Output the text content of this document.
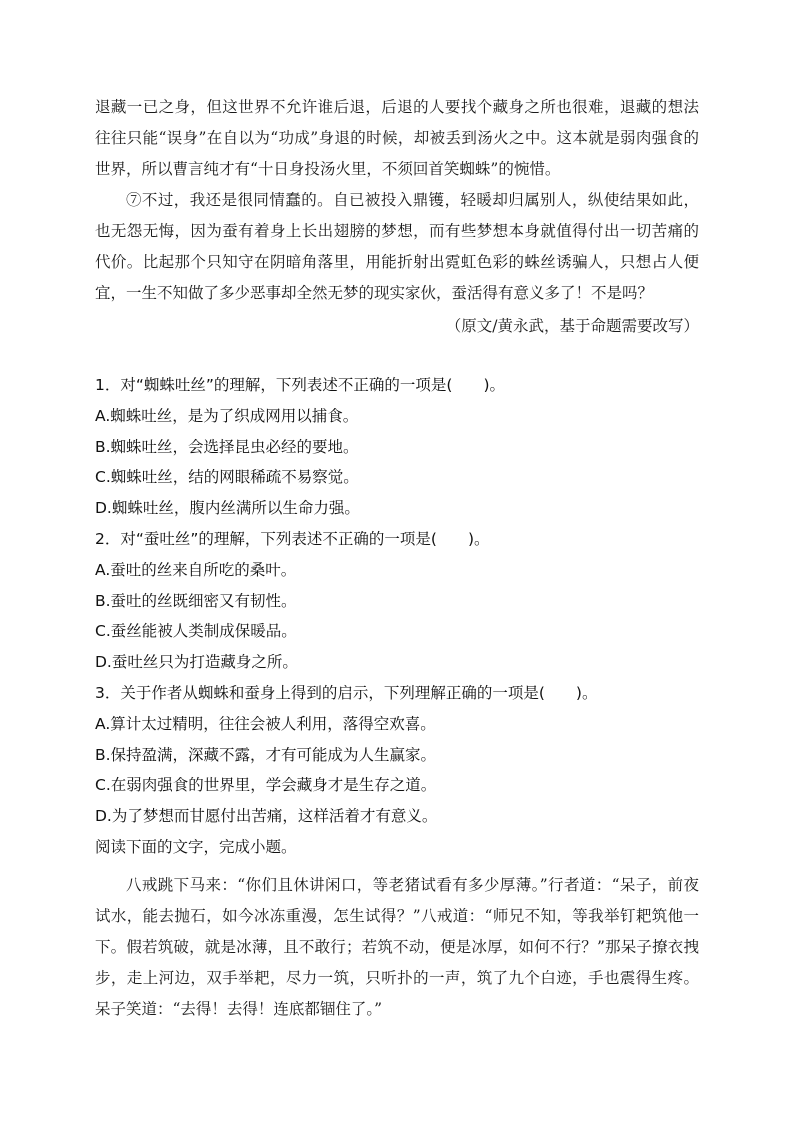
退藏一已之身，但这世界不允许谁后退，后退的人要找个藏身之所也很难，退藏的想法往往只能“误身”在自以为“功成”身退的时候，却被丢到汤火之中。这本就是弱肉强食的世界，所以曹言纯才有“十日身投汤火里，不须回首笑蜘蛛”的惋惜。

⑦不过，我还是很同情蠢的。自已被投入鼎镬，轻暖却归属别人，纵使结果如此，也无怨无悔，因为蚕有着身上长出翅膀的梦想，而有些梦想本身就值得付出一切苦痛的代价。比起那个只知守在阴暗角落里，用能折射出霓虹色彩的蛛丝诱骗人，只想占人便宜，一生不知做了多少恶事却全然无梦的现实家伙，蚕活得有意义多了！不是吗？

（原文/黄永武，基于命题需要改写）

1．对“蜘蛛吐丝”的理解，下列表述不正确的一项是(　　)。
A.蜘蛛吐丝，是为了织成网用以捕食。
B.蜘蛛吐丝，会选择昆虫必经的要地。
C.蜘蛛吐丝，结的网眼稀疏不易察觉。
D.蜘蛛吐丝，腹内丝满所以生命力强。
2．对“蚕吐丝”的理解，下列表述不正确的一项是(　　)。
A.蚕吐的丝来自所吃的桑叶。
B.蚕吐的丝既细密又有韧性。
C.蚕丝能被人类制成保暖品。
D.蚕吐丝只为打造藏身之所。
3．关于作者从蜘蛛和蚕身上得到的启示，下列理解正确的一项是(　　)。
A.算计太过精明，往往会被人利用，落得空欢喜。
B.保持盈满，深藏不露，才有可能成为人生赢家。
C.在弱肉强食的世界里，学会藏身才是生存之道。
D.为了梦想而甘愿付出苦痛，这样活着才有意义。
阅读下面的文字，完成小题。

八戒跳下马来：“你们且休讲闲口，等老猪试看有多少厚薄。”行者道：“呆子，前夜试水，能去抛石，如今冰冻重漫，怎生试得？”八戒道：“师兄不知，等我举钉耙筑他一下。假若筑破，就是冰薄，且不敢行；若筑不动，便是冰厚，如何不行？”那呆子撩衣拽步，走上河边，双手举耙，尽力一筑，只听扑的一声，筑了九个白迹，手也震得生疼。呆子笑道：“去得！去得！连底都锢住了。”
